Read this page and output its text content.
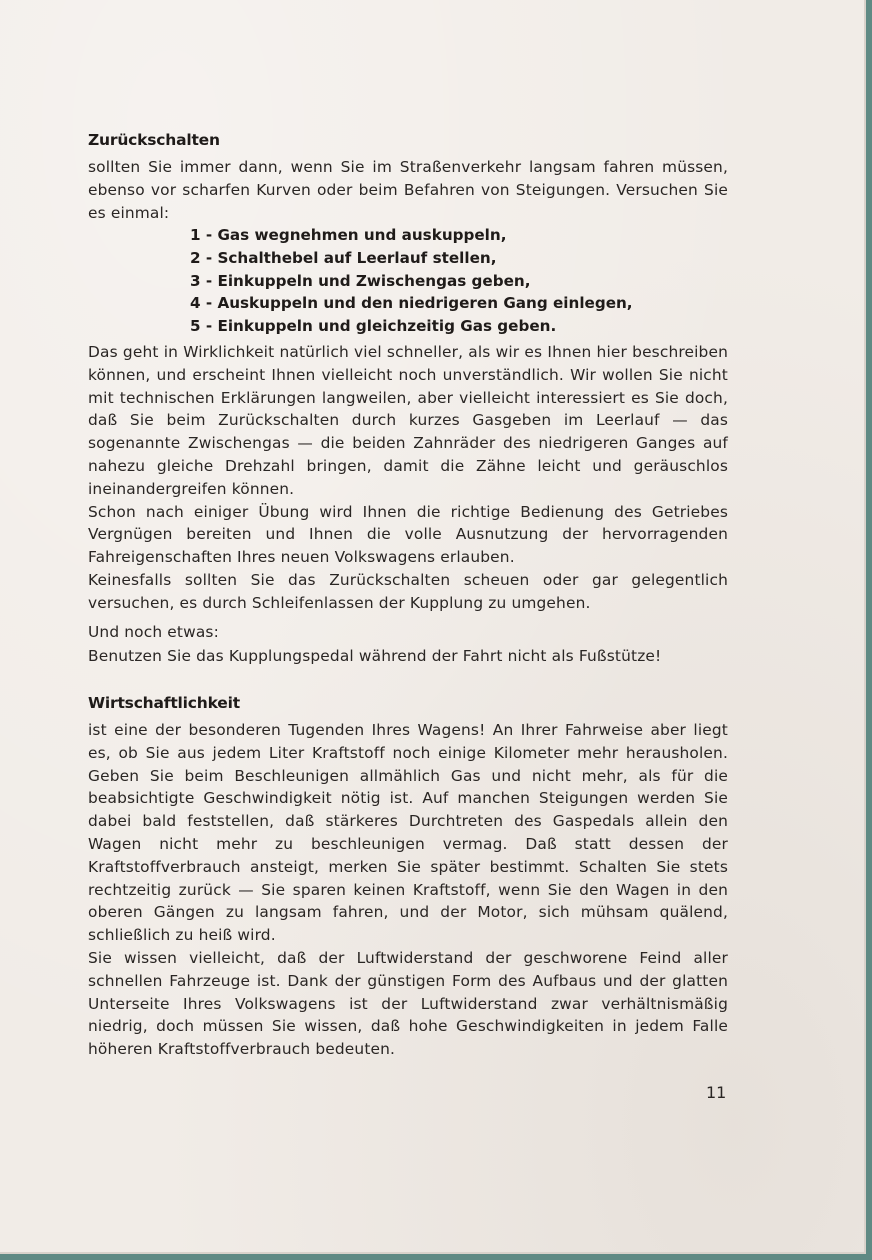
Zurückschalten

sollten Sie immer dann, wenn Sie im Straßenverkehr langsam fahren müssen, ebenso vor scharfen Kurven oder beim Befahren von Steigungen. Versuchen Sie es einmal:

1 - Gas wegnehmen und auskuppeln,
2 - Schalthebel auf Leerlauf stellen,
3 - Einkuppeln und Zwischengas geben,
4 - Auskuppeln und den niedrigeren Gang einlegen,
5 - Einkuppeln und gleichzeitig Gas geben.

Das geht in Wirklichkeit natürlich viel schneller, als wir es Ihnen hier beschreiben können, und erscheint Ihnen vielleicht noch unverständlich. Wir wollen Sie nicht mit technischen Erklärungen langweilen, aber vielleicht interessiert es Sie doch, daß Sie beim Zurückschalten durch kurzes Gasgeben im Leerlauf — das sogenannte Zwischengas — die beiden Zahnräder des niedrigeren Ganges auf nahezu gleiche Drehzahl bringen, damit die Zähne leicht und geräuschlos ineinandergreifen können.

Schon nach einiger Übung wird Ihnen die richtige Bedienung des Getriebes Vergnügen bereiten und Ihnen die volle Ausnutzung der hervorragenden Fahreigenschaften Ihres neuen Volkswagens erlauben.

Keinesfalls sollten Sie das Zurückschalten scheuen oder gar gelegentlich versuchen, es durch Schleifenlassen der Kupplung zu umgehen.

Und noch etwas:
Benutzen Sie das Kupplungspedal während der Fahrt nicht als Fußstütze!
Wirtschaftlichkeit

ist eine der besonderen Tugenden Ihres Wagens! An Ihrer Fahrweise aber liegt es, ob Sie aus jedem Liter Kraftstoff noch einige Kilometer mehr herausholen. Geben Sie beim Beschleunigen allmählich Gas und nicht mehr, als für die beabsichtigte Geschwindigkeit nötig ist. Auf manchen Steigungen werden Sie dabei bald feststellen, daß stärkeres Durchtreten des Gaspedals allein den Wagen nicht mehr zu beschleunigen vermag. Daß statt dessen der Kraftstoffverbrauch ansteigt, merken Sie später bestimmt. Schalten Sie stets rechtzeitig zurück — Sie sparen keinen Kraftstoff, wenn Sie den Wagen in den oberen Gängen zu langsam fahren, und der Motor, sich mühsam quälend, schließlich zu heiß wird.

Sie wissen vielleicht, daß der Luftwiderstand der geschworene Feind aller schnellen Fahrzeuge ist. Dank der günstigen Form des Aufbaus und der glatten Unterseite Ihres Volkswagens ist der Luftwiderstand zwar verhältnismäßig niedrig, doch müssen Sie wissen, daß hohe Geschwindigkeiten in jedem Falle höheren Kraftstoffverbrauch bedeuten.

11
